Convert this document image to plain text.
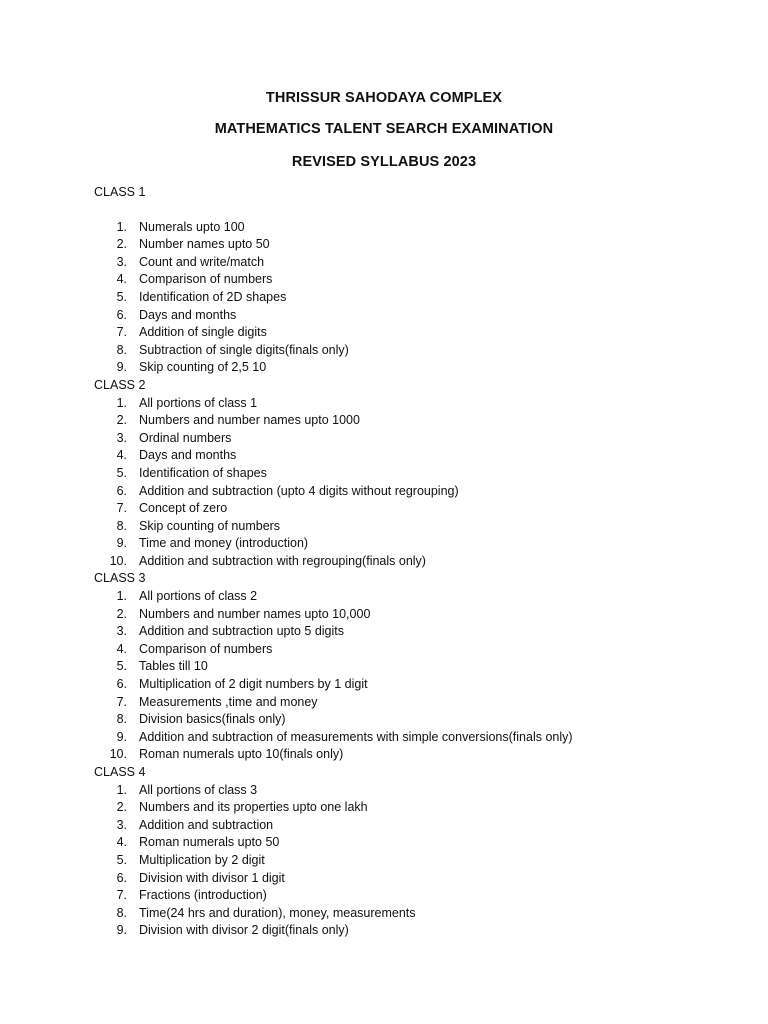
THRISSUR SAHODAYA COMPLEX
MATHEMATICS TALENT SEARCH EXAMINATION
REVISED SYLLABUS 2023
CLASS 1
1. Numerals upto 100
2. Number names upto 50
3. Count and write/match
4. Comparison of numbers
5. Identification of 2D shapes
6. Days and months
7. Addition of single digits
8. Subtraction of single digits(finals only)
9. Skip counting of 2,5 10
CLASS 2
1. All portions of class 1
2. Numbers and number names upto 1000
3. Ordinal numbers
4. Days and months
5. Identification of shapes
6. Addition and subtraction (upto 4 digits without regrouping)
7. Concept of zero
8. Skip counting of numbers
9. Time and money (introduction)
10. Addition and subtraction with regrouping(finals only)
CLASS 3
1. All portions of class 2
2. Numbers and number names upto 10,000
3. Addition and subtraction upto 5 digits
4. Comparison of numbers
5. Tables till 10
6. Multiplication of 2 digit numbers by 1 digit
7. Measurements ,time and money
8. Division basics(finals only)
9. Addition and subtraction of measurements with simple conversions(finals only)
10. Roman numerals upto 10(finals only)
CLASS 4
1. All portions of class 3
2. Numbers and its properties upto one lakh
3. Addition and subtraction
4. Roman numerals upto 50
5. Multiplication by 2 digit
6. Division with divisor 1 digit
7. Fractions (introduction)
8. Time(24 hrs and duration), money, measurements
9. Division with divisor 2 digit(finals only)
